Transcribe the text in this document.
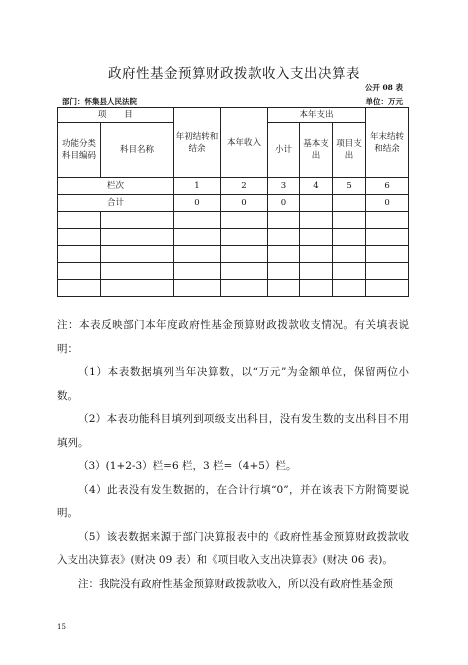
政府性基金预算财政拨款收入支出决算表
公开 08 表
部门：怀集县人民法院	单位：万元
项　　目		年初结转和结余	本年收入	本年支出			年末结转和结余
功能分类科目编码	科目名称			小计	基本支出	项目支出	
栏次		1	2	3	4	5	6
合计		0	0	0			0

注：本表反映部门本年度政府性基金预算财政拨款收支情况。有关填表说明：

（1）本表数据填列当年决算数，以“万元”为金额单位，保留两位小数。

（2）本表功能科目填列到项级支出科目，没有发生数的支出科目不用填列。

（3）(1+2-3）栏=6 栏，3 栏=（4+5）栏。

（4）此表没有发生数据的，在合计行填“0”，并在该表下方附简要说明。

（5）该表数据来源于部门决算报表中的《政府性基金预算财政拨款收入支出决算表》(财决 09 表）和《项目收入支出决算表》(财决 06 表)。

注：我院没有政府性基金预算财政拨款收入，所以没有政府性基金预

15
